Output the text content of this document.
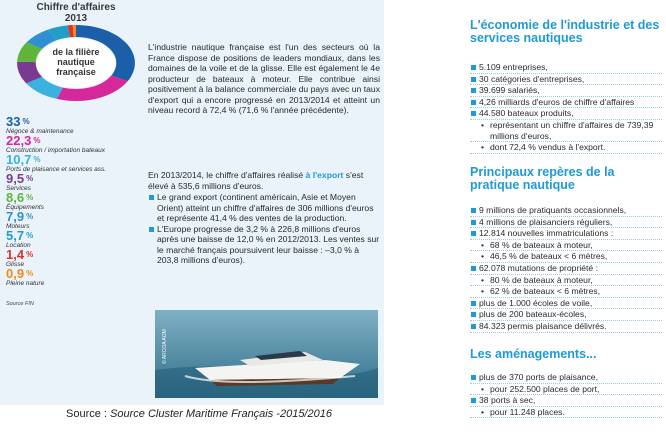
Chiffre d'affaires
2013
de la filière
nautique
française
33 %
Négoce & maintenance
22,3 %
Construction / importation bateaux
10,7 %
Ports de plaisance et services ass.
9,5 %
Services
8,6 %
Équipements
7,9 %
Moteurs
5,7 %
Location
1,4 %
Glisse
0,9 %
Pleine nature
Source FIN

L'industrie nautique française est l'un des secteurs où la France dispose de positions de leaders mondiaux, dans les domaines de la voile et de la glisse. Elle est également le 4e producteur de bateaux à moteur. Elle contribue ainsi positivement à la balance commerciale du pays avec un taux d'export qui a encore progressé en 2013/2014 et atteint un niveau record à 72,4 % (71,6 % l'année précédente).

En 2013/2014, le chiffre d'affaires réalisé à l'export s'est élevé à 535,6 millions d'euros.

Le grand export (continent américain, Asie et Moyen Orient) atteint un chiffre d'affaires de 306 millions d'euros et représente 41,4 % des ventes de la production.

L'Europe progresse de 3,2 % à 226,8 millions d'euros après une baisse de 12,0 % en 2012/2013. Les ventes sur le marché français poursuivent leur baisse : –3,0 % à 203,8 millions d'euros).

© ARCOA AOM
Source : Source Cluster Maritime Français -2015/2016
L'économie de l'industrie et des services nautiques
5.109 entreprises,
30 catégories d'entreprises,
39.699 salariés,
4,26 milliards d'euros de chiffre d'affaires
44.580 bateaux produits,
• représentant un chiffre d'affaires de 739,39 millions d'euros,
• dont 72,4 % vendus à l'export.
Principaux repères de la pratique nautique
9 millions de pratiquants occasionnels,
4 millions de plaisanciers réguliers,
12.814 nouvelles immatriculations :
• 68 % de bateaux à moteur,
• 46,5 % de bateaux < 6 mètres,
62.078 mutations de propriété :
• 80 % de bateaux à moteur,
• 62 % de bateaux < 6 mètres,
plus de 1.000 écoles de voile,
plus de 200 bateaux-écoles,
84.323 permis plaisance délivrés.
Les aménagements...
plus de 370 ports de plaisance,
• pour 252.500 places de port,
38 ports à sec,
• pour 11.248 places.
